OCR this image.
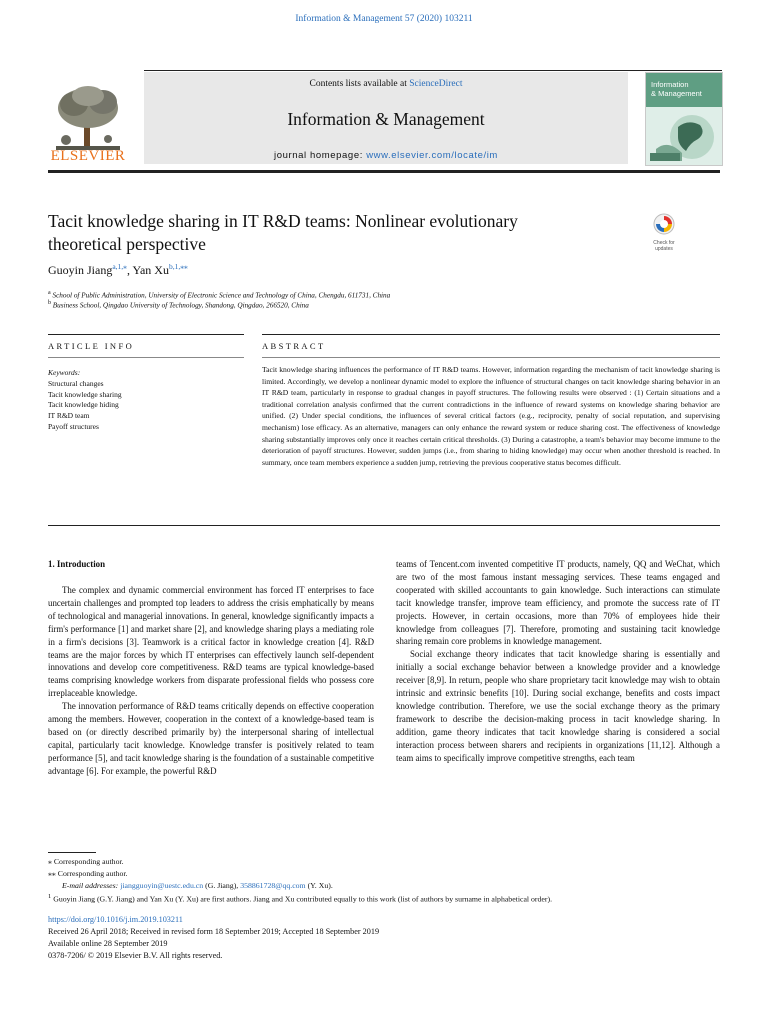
Information & Management 57 (2020) 103211
ELSEVIER
Contents lists available at ScienceDirect
Information & Management
journal homepage: www.elsevier.com/locate/im
Information
& Management
Tacit knowledge sharing in IT R&D teams: Nonlinear evolutionary
theoretical perspective	Check for updates
Guoyin Jiang$^{a,1,⁎}$, Yan $Xu^{b,1,⁎⁎}$
$^a$ School of Public Administration, University of Electronic Science and Technology of China, Chengdu, 611731, China
$^b$ Business School, Qingdao University of Technology, Shandong, Qingdao, 266520, China
ARTICLE INFO	ABSTRACT
Keywords:
Structural changes
Tacit knowledge sharing
Tacit knowledge hiding
IT R&D team
Payoff structures
Tacit knowledge sharing influences the performance of IT R&D teams. However, information regarding the mechanism of tacit knowledge sharing is limited. Accordingly, we develop a nonlinear dynamic model to explore the influence of structural changes on tacit knowledge sharing behavior in an IT R&D team, particularly in response to gradual changes in payoff structures. The following results were observed : (1) Certain situations and a traditional correlation analysis confirmed that the current contradictions in the influence of reward systems on knowledge sharing behavior are unified. (2) Under special conditions, the influences of several critical factors (e.g., reciprocity, penalty of social reputation, and supervising mechanism) lose efficacy. As an alternative, managers can only enhance the reward system or reduce sharing cost. The effectiveness of knowledge sharing substantially improves only once it reaches certain critical thresholds. (3) During a catastrophe, a team's behavior may become immune to the deterioration of payoff structures. However, sudden jumps (i.e., from sharing to hiding knowledge) may occur when another threshold is reached. In summary, once team members experience a sudden jump, retrieving the previous cooperative status becomes difficult.
1. Introduction

The complex and dynamic commercial environment has forced IT enterprises to face uncertain challenges and prompted top leaders to address the crisis emphatically by means of technological and managerial innovations. In general, knowledge significantly impacts a firm's performance [1] and market share [2], and knowledge sharing plays a mediating role in a firm's decisions [3]. Teamwork is a critical factor in knowledge creation [4]. R&D teams are the major forces by which IT enterprises can effectively launch self-dependent innovations and develop core competitiveness. R&D teams are typical knowledge-based teams comprising knowledge workers from disparate professional fields who possess core irreplaceable knowledge.

The innovation performance of R&D teams critically depends on effective cooperation among the members. However, cooperation in the context of a knowledge-based team is based on (or directly described primarily by) the interpersonal sharing of intellectual capital, particularly tacit knowledge. Knowledge transfer is positively related to team performance [5], and tacit knowledge sharing is the foundation of a sustainable competitive advantage [6]. For example, the powerful R&D

teams of Tencent.com invented competitive IT products, namely, QQ and WeChat, which are two of the most famous instant messaging services. These teams engaged and cooperated with skilled accountants to gain knowledge. Such interactions can stimulate tacit knowledge transfer, improve team efficiency, and promote the success rate of IT projects. However, in certain occasions, more than 70% of employees hide their knowledge from colleagues [7]. Therefore, promoting and sustaining tacit knowledge sharing remain core problems in knowledge management.

Social exchange theory indicates that tacit knowledge sharing is essentially and initially a social exchange behavior between a knowledge provider and a knowledge receiver [8,9]. In return, people who share proprietary tacit knowledge may wish to obtain intrinsic and extrinsic benefits [10]. During social exchange, benefits and costs impact knowledge contribution. Therefore, we use the social exchange theory as the primary framework to describe the decision-making process in tacit knowledge sharing. In addition, game theory indicates that tacit knowledge sharing is considered a social interaction process between sharers and recipients in organizations [11,12]. Although a team aims to specifically improve competitive strengths, each team

⁎ Corresponding author.
⁎⁎ Corresponding author.
E-mail addresses: jiangguoyin@uestc.edu.cn (G. Jiang), 358861728@qq.com (Y. Xu).
$^1$ Guoyin Jiang (G.Y. Jiang) and Yan Xu (Y. Xu) are first authors. Jiang and Xu contributed equally to this work (list of authors by surname in alphabetical order).
https://doi.org/10.1016/j.im.2019.103211
Received 26 April 2018; Received in revised form 18 September 2019; Accepted 18 September 2019
Available online 28 September 2019
0378-7206/ © 2019 Elsevier B.V. All rights reserved.
